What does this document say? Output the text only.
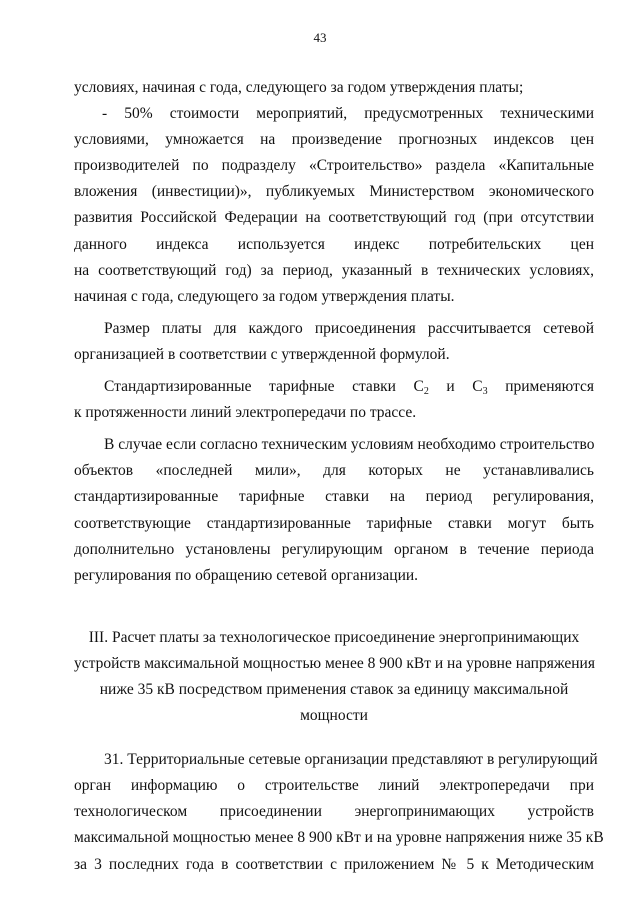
43
условиях, начиная с года, следующего за годом утверждения платы;
- 50% стоимости мероприятий, предусмотренных техническими
условиями, умножается на произведение прогнозных индексов цен
производителей по подразделу «Строительство» раздела «Капитальные
вложения (инвестиции)», публикуемых Министерством экономического
развития Российской Федерации на соответствующий год (при отсутствии
данного индекса используется индекс потребительских цен
на соответствующий год) за период, указанный в технических условиях,
начиная с года, следующего за годом утверждения платы.
Размер платы для каждого присоединения рассчитывается сетевой
организацией в соответствии с утвержденной формулой.
Стандартизированные тарифные ставки $С_2$ и $С_3$ применяются
к протяженности линий электропередачи по трассе.
В случае если согласно техническим условиям необходимо строительство
объектов «последней мили», для которых не устанавливались
стандартизированные тарифные ставки на период регулирования,
соответствующие стандартизированные тарифные ставки могут быть
дополнительно установлены регулирующим органом в течение периода
регулирования по обращению сетевой организации.
III. Расчет платы за технологическое присоединение энергопринимающих
устройств максимальной мощностью менее 8 900 кВт и на уровне напряжения
ниже 35 кВ посредством применения ставок за единицу максимальной
мощности
31. Территориальные сетевые организации представляют в регулирующий
орган информацию о строительстве линий электропередачи при
технологическом присоединении энергопринимающих устройств
максимальной мощностью менее 8 900 кВт и на уровне напряжения ниже 35 кВ
за 3 последних года в соответствии с приложением № 5 к Методическим
